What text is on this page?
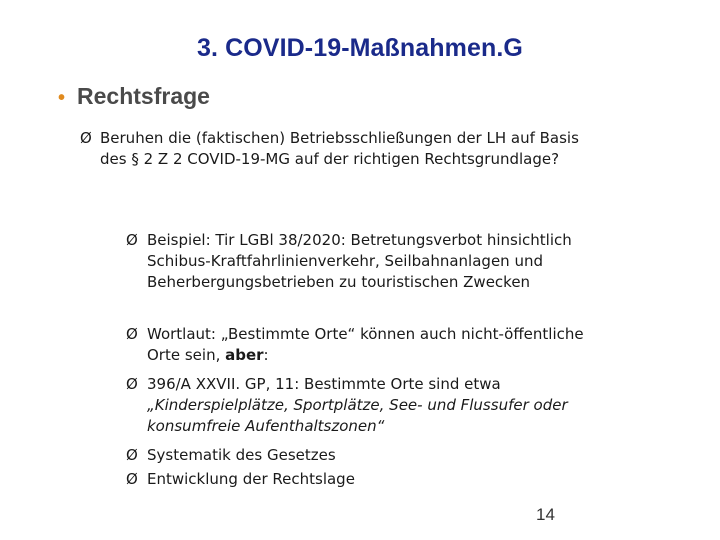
3. COVID-19-Maßnahmen.G
• Rechtsfrage
Ø Beruhen die (faktischen) Betriebsschließungen der LH auf Basis des § 2 Z 2 COVID-19-MG auf der richtigen Rechtsgrundlage?
Ø Beispiel: Tir LGBl 38/2020: Betretungsverbot hinsichtlich Schibus-Kraftfahrlinienverkehr, Seilbahnanlagen und Beherbergungsbetrieben zu touristischen Zwecken
Ø Wortlaut: „Bestimmte Orte“ können auch nicht-öffentliche Orte sein, aber:
Ø 396/A XXVII. GP, 11: Bestimmte Orte sind etwa „Kinderspielplätze, Sportplätze, See- und Flussufer oder konsumfreie Aufenthaltszonen“
Ø Systematik des Gesetzes
Ø Entwicklung der Rechtslage
14
